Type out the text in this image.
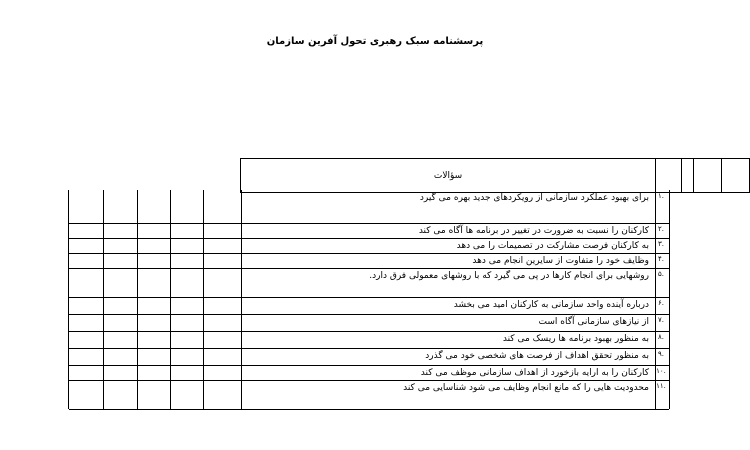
پرسشنامه سبک رهبری تحول آفرین سازمان
سؤالات
برای بهبود عملکرد سازمانی از رویکردهای جدید بهره می گیرد	۱.
کارکنان را نسبت به ضرورت در تغییر در برنامه ها آگاه می کند	۲.
به کارکنان فرصت مشارکت در تصمیمات را می دهد	۳.
وظایف خود را متفاوت از سایرین انجام می دهد	۴.
روشهایی برای انجام کارها در پی می گیرد که با روشهای معمولی فرق دارد.	۵.
درباره آینده واحد سازمانی به کارکنان امید می بخشد	۶.
از نیازهای سازمانی آگاه است	۷.
به منظور بهبود برنامه ها ریسک می کند	۸.
به منظور تحقق اهداف از فرصت های شخصی خود می گذرد	۹.
کارکنان را به ارایه بازخورد از اهداف سازمانی موظف می کند	۱۰.
محدودیت هایی را که مانع انجام وظایف می شود شناسایی می کند	۱۱.
